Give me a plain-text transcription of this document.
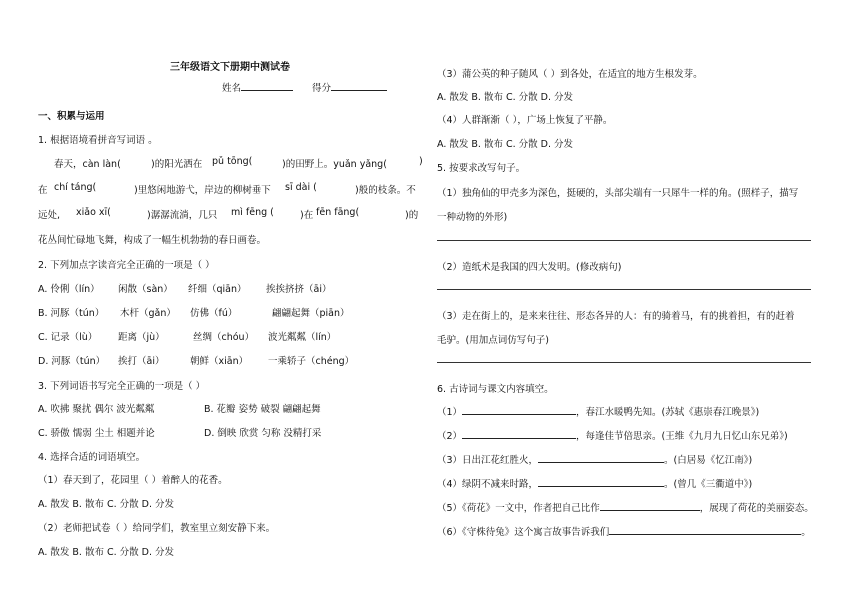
三年级语文下册期中测试卷
姓名	得分
一、积累与运用
1. 根据语境看拼音写词语 。
春天，càn làn(	)的阳光洒在 pǔ tōng(	)的田野上。yuǎn yǎng(	)
在 chí táng(	)里悠闲地游弋，岸边的柳树垂下 sī dài (	)般的枝条。不
远处, xiǎo xī(	)潺潺流淌，几只 mì fēng (	)在 fēn fāng(	)的
花丛间忙碌地飞舞，构成了一幅生机勃勃的春日画卷。
2. 下列加点字读音完全正确的一项是（ ）
A. 伶俐（lín） 闲散（sàn） 纤细（qiān） 挨挨挤挤（āi）
B. 河豚（tún） 木杆（gǎn） 仿佛（fú）	翩翩起舞（piān）
C. 记录（lù） 距离（jù）	丝绸（chóu） 波光粼粼（lín）
D. 河豚（tún） 挨打（āi）	朝鲜（xiān） 一乘轿子（chéng）
3. 下列词语书写完全正确的一项是（ ）
A. 吹拂 聚扰 偶尔 波光粼粼	B. 花瓣 姿势 破裂 翩翩起舞
C. 骄傲 懦弱 尘土 相题并论	D. 倒映 欣赏 匀称 没精打采
4. 选择合适的词语填空。
（1）春天到了，花园里（ ）着醉人的花香。
A. 散发 B. 散布 C. 分散 D. 分发
（2）老师把试卷（ ）给同学们，教室里立刻安静下来。
A. 散发 B. 散布 C. 分散 D. 分发
（3）蒲公英的种子随风（ ）到各处，在适宜的地方生根发芽。
A. 散发 B. 散布 C. 分散 D. 分发
（4）人群渐渐（ ），广场上恢复了平静。
A. 散发 B. 散布 C. 分散 D. 分发
5. 按要求改写句子。
（1）独角仙的甲壳多为深色，挺硬的，头部尖端有一只犀牛一样的角。(照样子，描写
一种动物的外形)
（2）造纸术是我国的四大发明。(修改病句)
（3）走在街上的，是来来往往、形态各异的人：有的骑着马，有的挑着担，有的赶着
毛驴。(用加点词仿写句子)
6. 古诗词与课文内容填空。
（1）	，春江水暖鸭先知。(苏轼《惠崇春江晚景》)
（2）	，每逢佳节倍思亲。(王维《九月九日忆山东兄弟》)
（3）日出江花红胜火，	。(白居易《忆江南》)
（4）绿阴不减来时路，	。(曾几《三衢道中》)
（5）《荷花》一文中，作者把自己比作	，展现了荷花的美丽姿态。
（6）《守株待兔》这个寓言故事告诉我们	。
